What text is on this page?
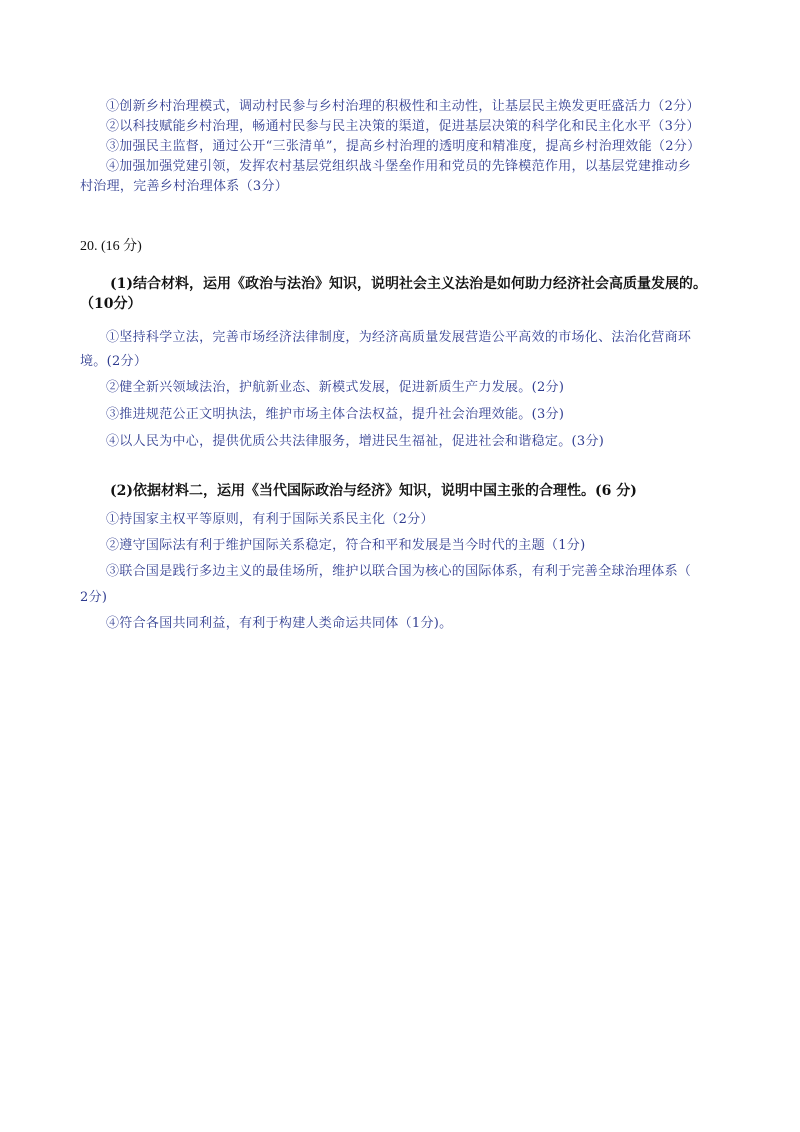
①创新乡村治理模式，调动村民参与乡村治理的积极性和主动性，让基层民主焕发更旺盛活力（2分）

②以科技赋能乡村治理，畅通村民参与民主决策的渠道，促进基层决策的科学化和民主化水平（3分）

③加强民主监督，通过公开“三张清单”，提高乡村治理的透明度和精准度，提高乡村治理效能（2分）

④加强加强党建引领，发挥农村基层党组织战斗堡垒作用和党员的先锋模范作用，以基层党建推动乡

村治理，完善乡村治理体系（3分）

20. (16 分)

(1)结合材料，运用《政治与法治》知识，说明社会主义法治是如何助力经济社会高质量发展的。

（10分）

①坚持科学立法，完善市场经济法律制度，为经济高质量发展营造公平高效的市场化、法治化营商环

境。(2分）

②健全新兴领域法治，护航新业态、新模式发展，促进新质生产力发展。(2分)

③推进规范公正文明执法，维护市场主体合法权益，提升社会治理效能。(3分)

④以人民为中心，提供优质公共法律服务，增进民生福祉，促进社会和谐稳定。(3分)

(2)依据材料二，运用《当代国际政治与经济》知识，说明中国主张的合理性。(6 分)

①持国家主权平等原则，有利于国际关系民主化（2分）

②遵守国际法有利于维护国际关系稳定，符合和平和发展是当今时代的主题（1分)

③联合国是践行多边主义的最佳场所，维护以联合国为核心的国际体系，有利于完善全球治理体系（

2分)

④符合各国共同利益，有利于构建人类命运共同体（1分)。
